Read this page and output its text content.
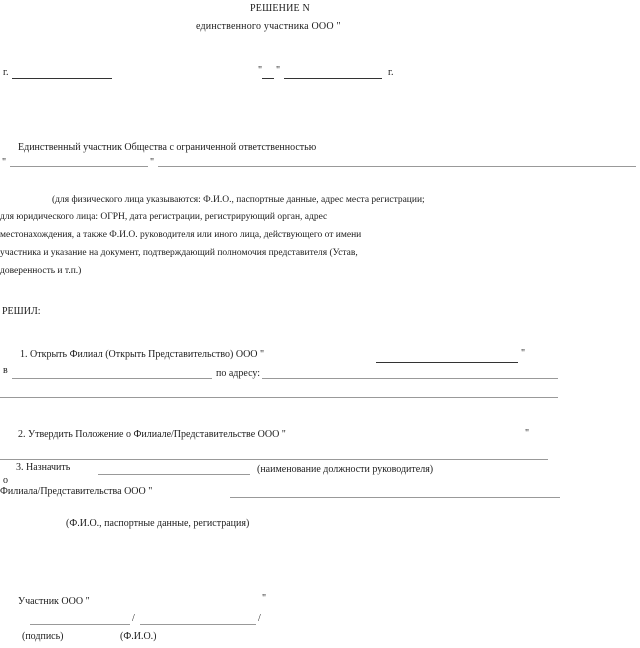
РЕШЕНИЕ N
единственного участника ООО "
г.	" "	г.
Единственный участник Общества с ограниченной ответственностью
"	"
(для физического лица указываются: Ф.И.О., паспортные данные, адрес места регистрации;
для юридического лица: ОГРН, дата регистрации, регистрирующий орган, адрес
местонахождения, а также Ф.И.О. руководителя или иного лица, действующего от имени
участника и указание на документ, подтверждающий полномочия представителя (Устав,
доверенность и т.п.)
РЕШИЛ:
1. Открыть Филиал (Открыть Представительство) ООО "	"
в	по адресу:
2. Утвердить Положение о Филиале/Представительстве ООО "	"
3. Назначить	(наименование должности руководителя)
о
Филиала/Представительства ООО "
(Ф.И.О., паспортные данные, регистрация)
Участник ООО "	"
/	/
(подпись)	(Ф.И.О.)
